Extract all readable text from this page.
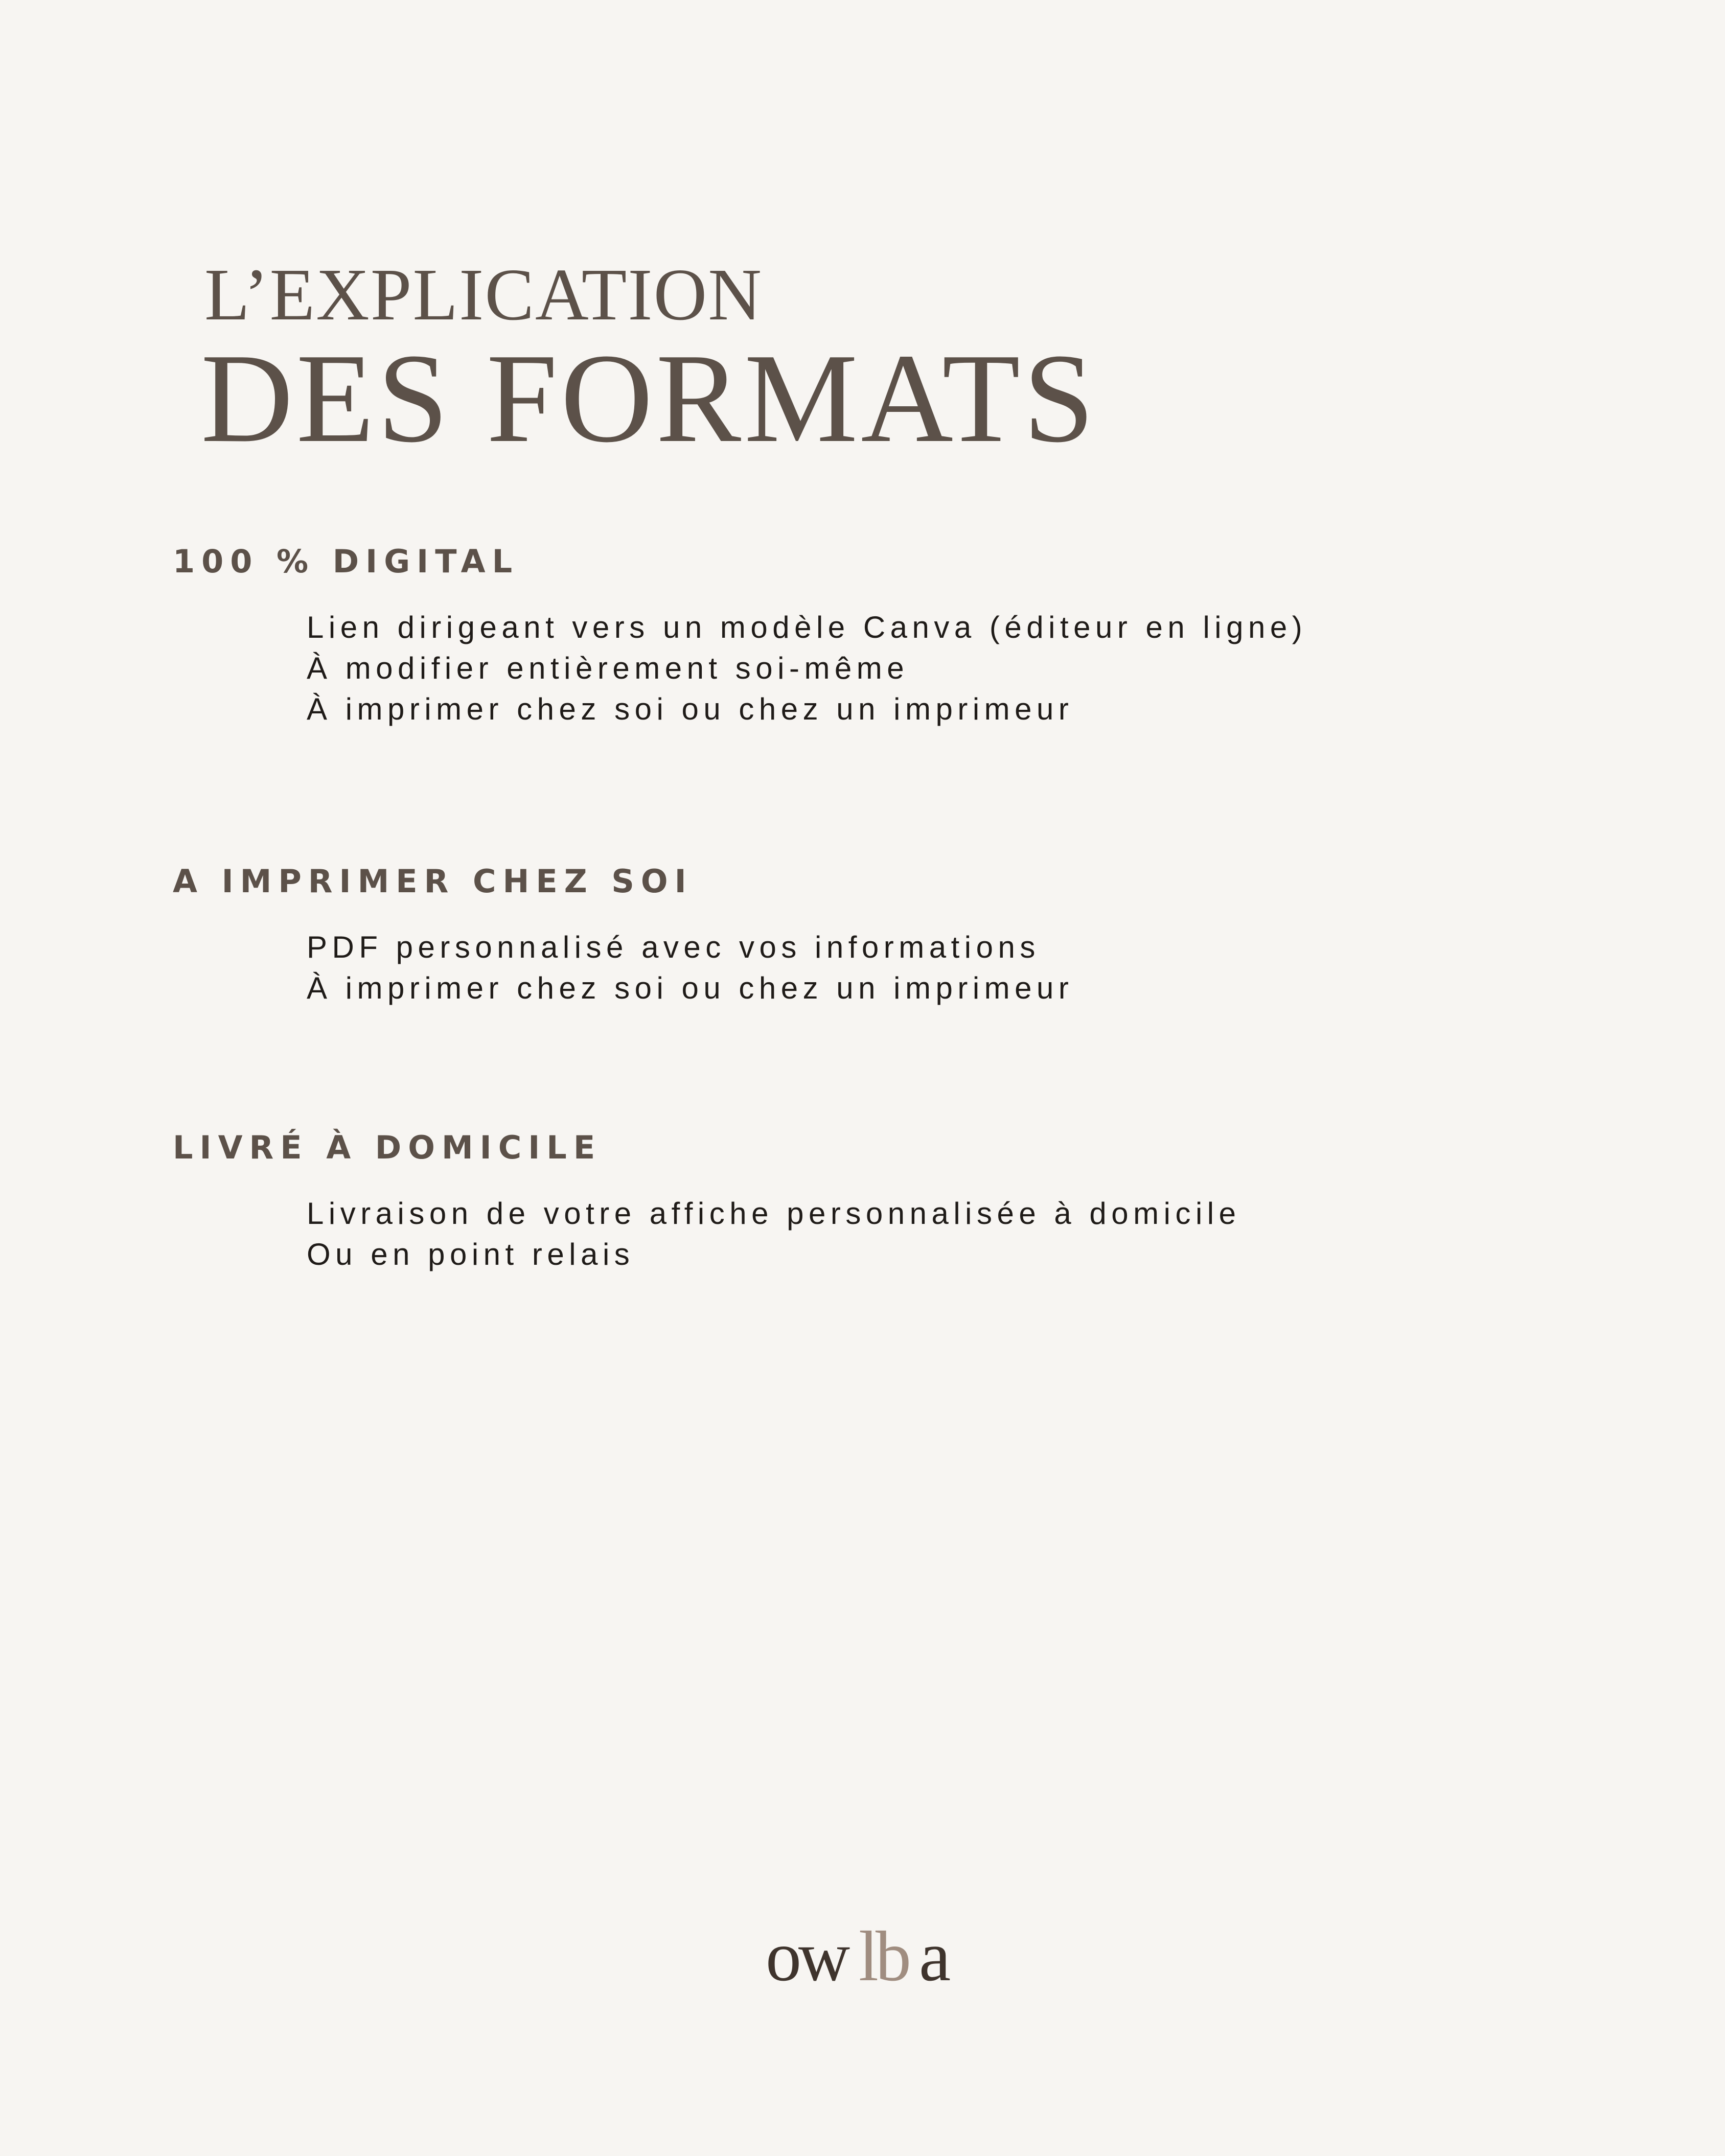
L’EXPLICATION
DES FORMATS
100 % DIGITAL
Lien dirigeant vers un modèle Canva (éditeur en ligne)
À modifier entièrement soi-même
À imprimer chez soi ou chez un imprimeur
A IMPRIMER CHEZ SOI
PDF personnalisé avec vos informations
À imprimer chez soi ou chez un imprimeur
LIVRÉ À DOMICILE
Livraison de votre affiche personnalisée à domicile
Ou en point relais
ow lb a
